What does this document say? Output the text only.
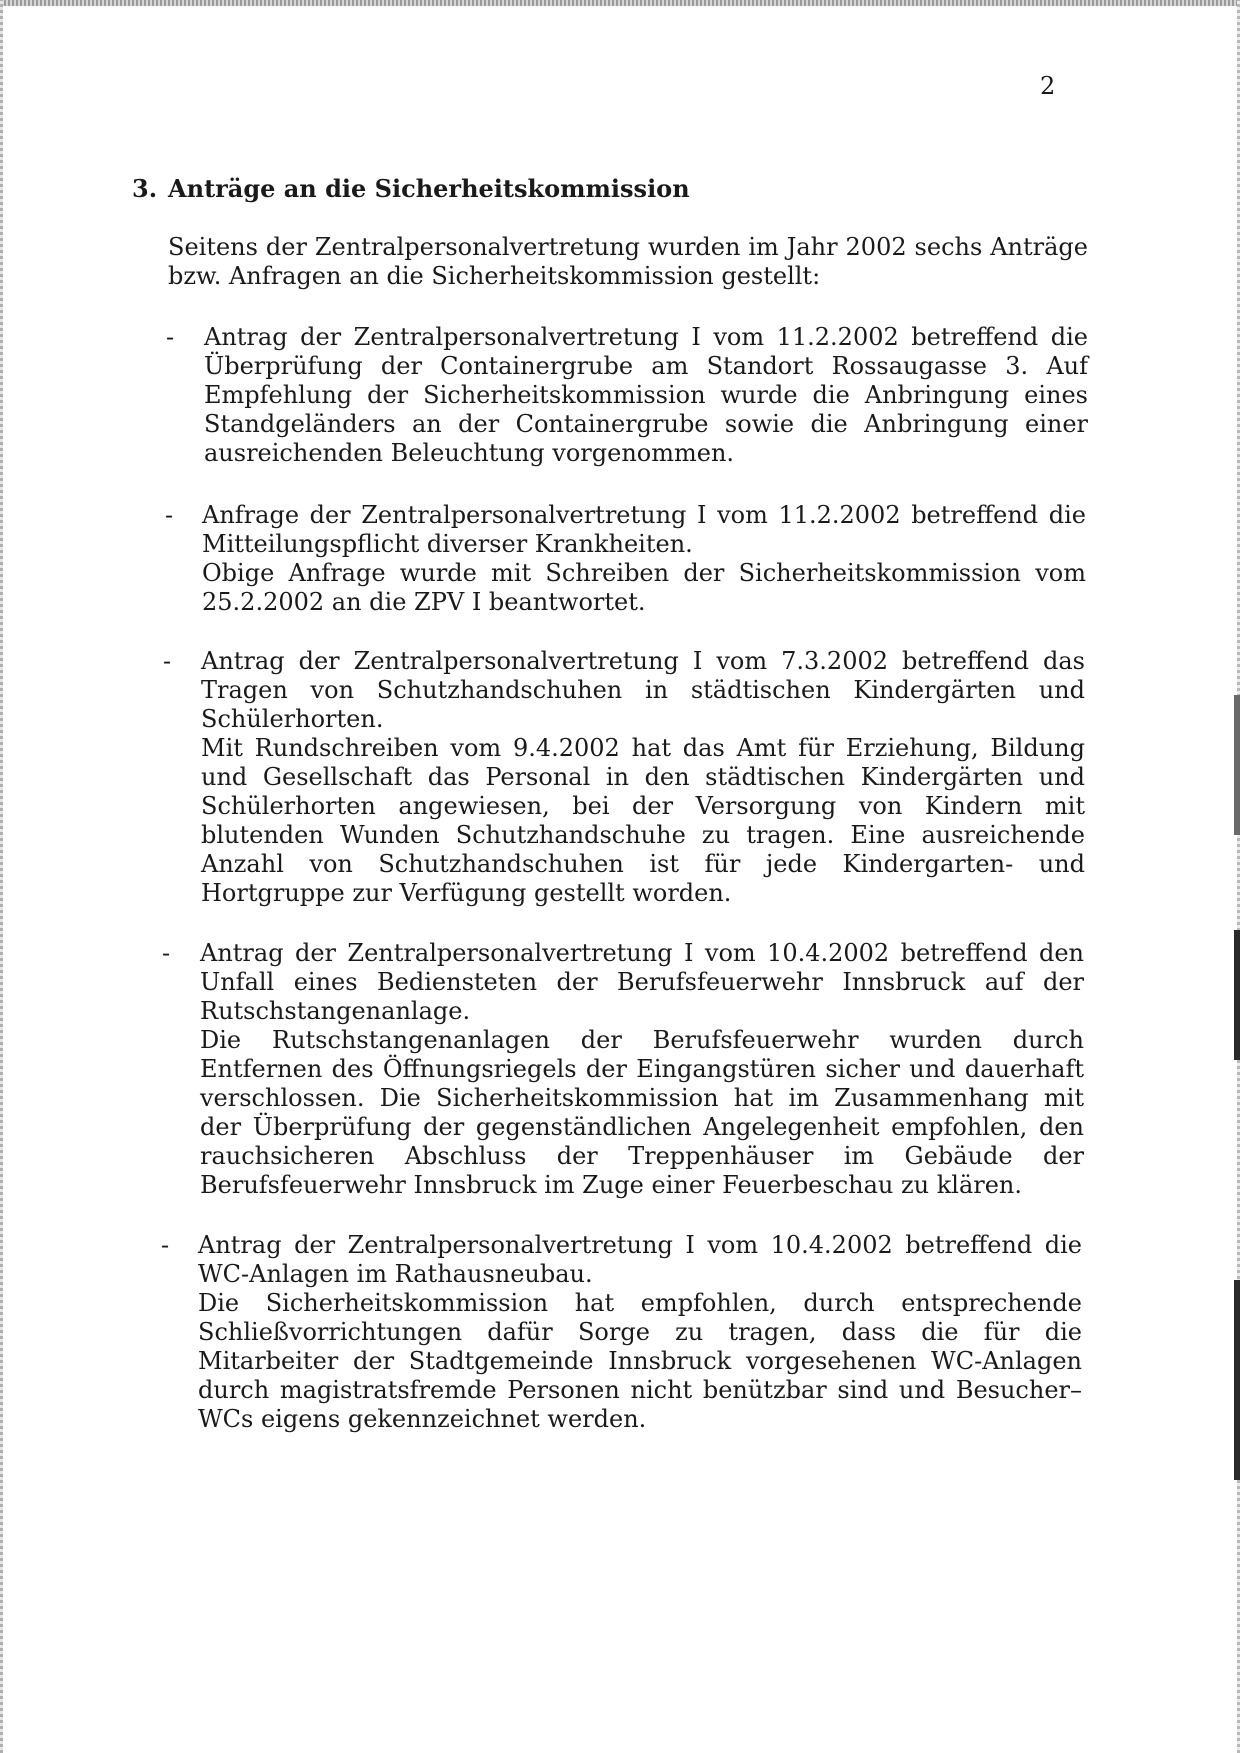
2
3. Anträge an die Sicherheitskommission

Seitens der Zentralpersonalvertretung wurden im Jahr 2002 sechs Anträge bzw. Anfragen an die Sicherheitskommission gestellt:

- Antrag der Zentralpersonalvertretung I vom 11.2.2002 betreffend die Überprüfung der Containergrube am Standort Rossaugasse 3. Auf Empfehlung der Sicherheitskommission wurde die Anbringung eines Standgeländers an der Containergrube sowie die Anbringung einer ausreichenden Beleuchtung vorgenommen.

- Anfrage der Zentralpersonalvertretung I vom 11.2.2002 betreffend die Mitteilungspflicht diverser Krankheiten.

Obige Anfrage wurde mit Schreiben der Sicherheitskommission vom 25.2.2002 an die ZPV I beantwortet.

- Antrag der Zentralpersonalvertretung I vom 7.3.2002 betreffend das Tragen von Schutzhandschuhen in städtischen Kindergärten und Schülerhorten.

Mit Rundschreiben vom 9.4.2002 hat das Amt für Erziehung, Bildung und Gesellschaft das Personal in den städtischen Kindergärten und Schülerhorten angewiesen, bei der Versorgung von Kindern mit blutenden Wunden Schutzhandschuhe zu tragen. Eine ausreichende Anzahl von Schutzhandschuhen ist für jede Kindergarten- und Hortgruppe zur Verfügung gestellt worden.

- Antrag der Zentralpersonalvertretung I vom 10.4.2002 betreffend den Unfall eines Bediensteten der Berufsfeuerwehr Innsbruck auf der Rutschstangenanlage.

Die Rutschstangenanlagen der Berufsfeuerwehr wurden durch Entfernen des Öffnungsriegels der Eingangstüren sicher und dauerhaft verschlossen. Die Sicherheitskommission hat im Zusammenhang mit der Überprüfung der gegenständlichen Angelegenheit empfohlen, den rauchsicheren Abschluss der Treppenhäuser im Gebäude der Berufsfeuerwehr Innsbruck im Zuge einer Feuerbeschau zu klären.

- Antrag der Zentralpersonalvertretung I vom 10.4.2002 betreffend die WC-Anlagen im Rathausneubau.

Die Sicherheitskommission hat empfohlen, durch entsprechende Schließvorrichtungen dafür Sorge zu tragen, dass die für die Mitarbeiter der Stadtgemeinde Innsbruck vorgesehenen WC-Anlagen durch magistratsfremde Personen nicht benützbar sind und Besucher–WCs eigens gekennzeichnet werden.
